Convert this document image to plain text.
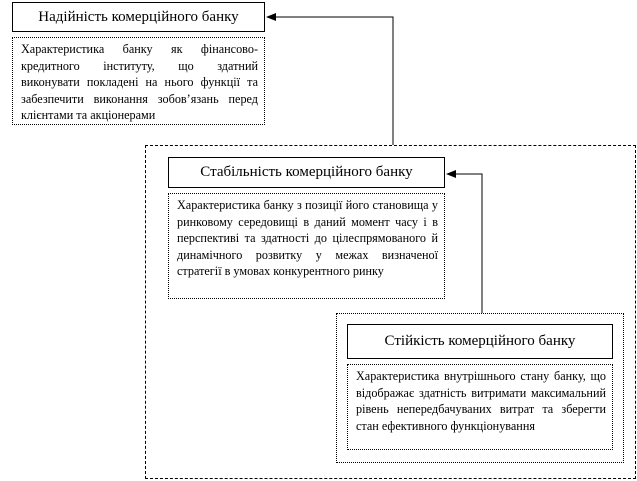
Надійність комерційного банку
Характеристика банку як фінансово-кредитного інституту, що здатний виконувати покладені на нього функції та забезпечити виконання зобов’язань перед клієнтами та акціонерами
Стабільність комерційного банку
Характеристика банку з позиції його становища у ринковому середовищі в даний момент часу і в перспективі та здатності до цілеспрямованого й динамічного розвитку у межах визначеної стратегії в умовах конкурентного ринку
Стійкість комерційного банку
Характеристика внутрішнього стану банку, що відображає здатність витримати максимальний рівень непередбачуваних витрат та зберегти стан ефективного функціонування
